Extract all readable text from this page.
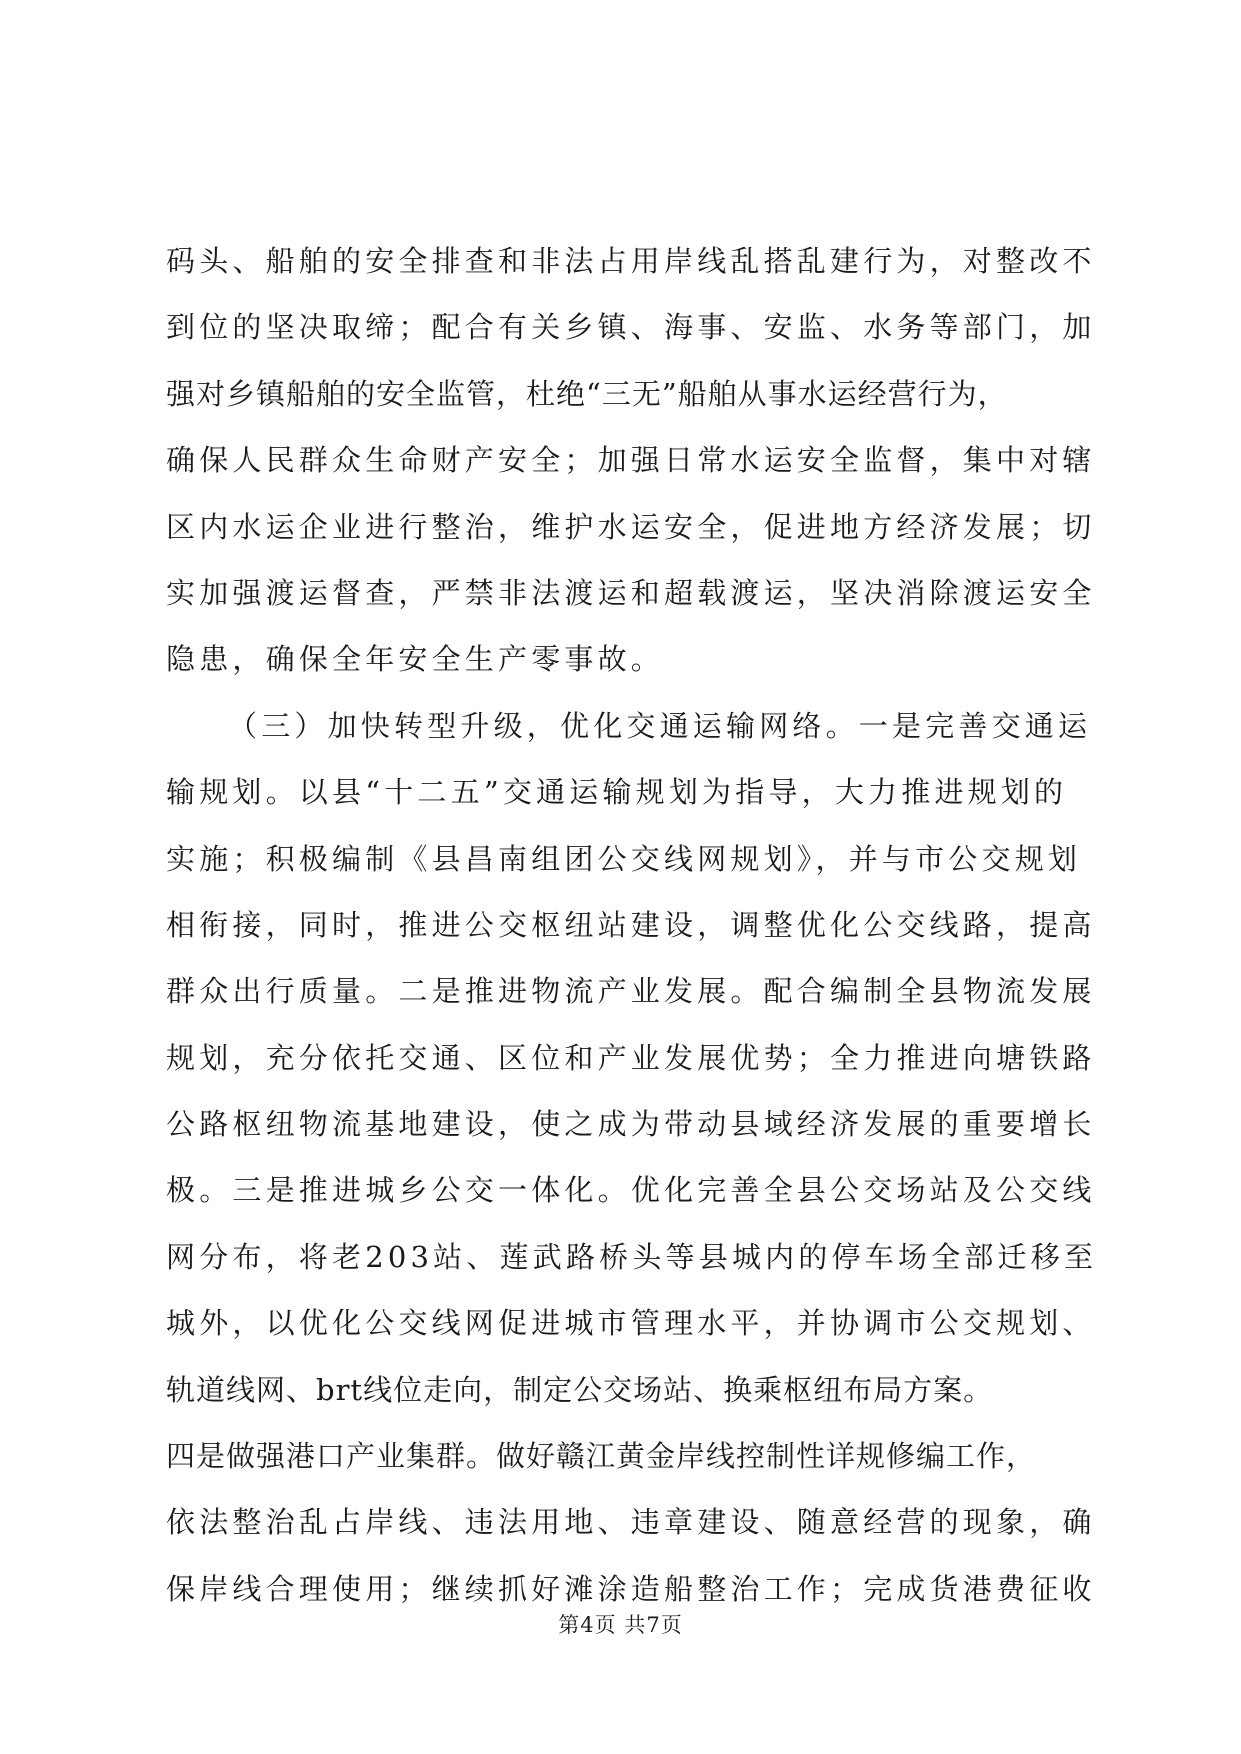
码头、船舶的安全排查和非法占用岸线乱搭乱建行为，对整改不
到位的坚决取缔；配合有关乡镇、海事、安监、水务等部门，加
强对乡镇船舶的安全监管，杜绝“三无”船舶从事水运经营行为，
确保人民群众生命财产安全；加强日常水运安全监督，集中对辖
区内水运企业进行整治，维护水运安全，促进地方经济发展；切
实加强渡运督查，严禁非法渡运和超载渡运，坚决消除渡运安全
隐患，确保全年安全生产零事故。
（三）加快转型升级，优化交通运输网络。一是完善交通运
输规划。以县“十二五”交通运输规划为指导，大力推进规划的
实施；积极编制《县昌南组团公交线网规划》，并与市公交规划
相衔接，同时，推进公交枢纽站建设，调整优化公交线路，提高
群众出行质量。二是推进物流产业发展。配合编制全县物流发展
规划，充分依托交通、区位和产业发展优势；全力推进向塘铁路
公路枢纽物流基地建设，使之成为带动县域经济发展的重要增长
极。三是推进城乡公交一体化。优化完善全县公交场站及公交线
网分布，将老203站、莲武路桥头等县城内的停车场全部迁移至
城外，以优化公交线网促进城市管理水平，并协调市公交规划、
轨道线网、brt线位走向，制定公交场站、换乘枢纽布局方案。
四是做强港口产业集群。做好赣江黄金岸线控制性详规修编工作，
依法整治乱占岸线、违法用地、违章建设、随意经营的现象，确
保岸线合理使用；继续抓好滩涂造船整治工作；完成货港费征收
第4页 共7页
